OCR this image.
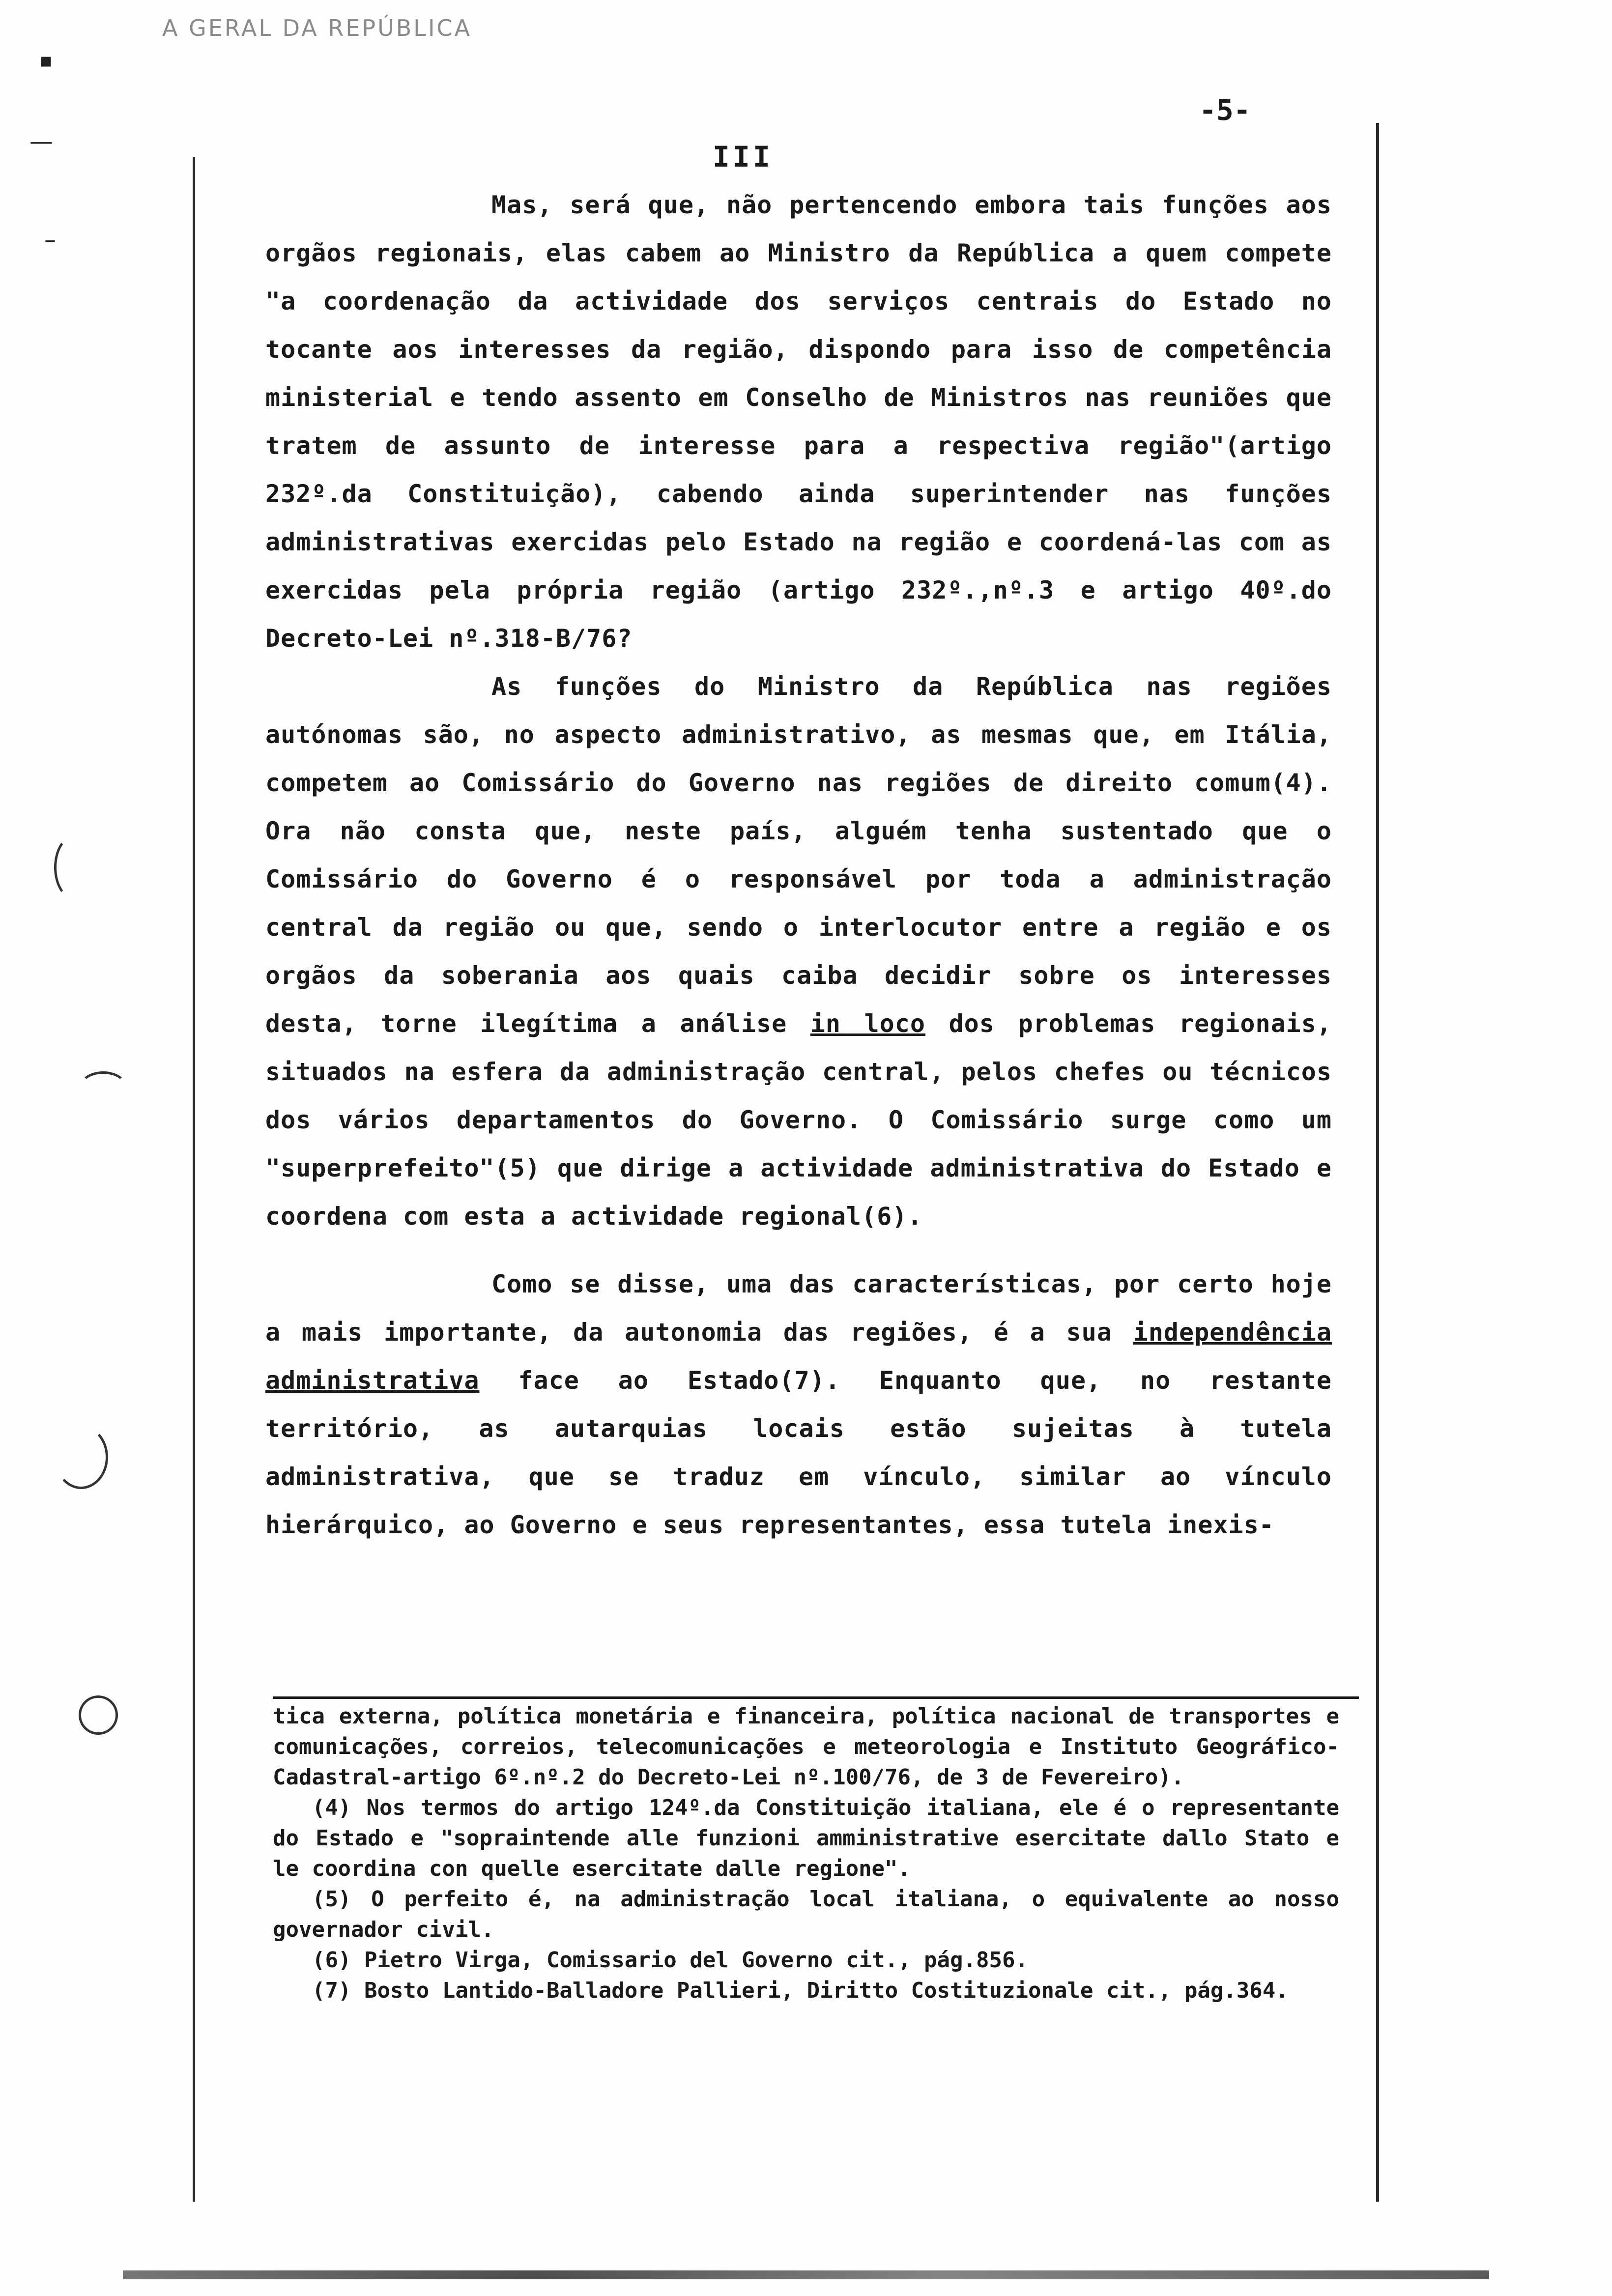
A GERAL DA REPÚBLICA
-5-
▪
—
–
III

Mas, será que, não pertencendo embora tais funções aos orgãos regionais, elas cabem ao Ministro da República a quem compete "a coordenação da actividade dos serviços centrais do Estado no tocante aos interesses da região, dispondo para isso de competência ministerial e tendo assento em Conselho de Ministros nas reuniões que tratem de assunto de interesse para a respectiva região"(artigo 232º.da Constituição), cabendo ainda superintender nas funções administrativas exercidas pelo Estado na região e coordená-las com as exercidas pela própria região (artigo 232º.,nº.3 e artigo 40º.do Decreto-Lei nº.318-B/76?

As funções do Ministro da República nas regiões autónomas são, no aspecto administrativo, as mesmas que, em Itália, competem ao Comissário do Governo nas regiões de direito comum(4). Ora não consta que, neste país, alguém tenha sustentado que o Comissário do Governo é o responsável por toda a administração central da região ou que, sendo o interlocutor entre a região e os orgãos da soberania aos quais caiba decidir sobre os interesses desta, torne ilegítima a análise in loco dos problemas regionais, situados na esfera da administração central, pelos chefes ou técnicos dos vários departamentos do Governo. O Comissário surge como um "superprefeito"(5) que dirige a actividade administrativa do Estado e coordena com esta a actividade regional(6).

Como se disse, uma das características, por certo hoje a mais importante, da autonomia das regiões, é a sua independência administrativa face ao Estado(7). Enquanto que, no restante território, as autarquias locais estão sujeitas à tutela administrativa, que se traduz em vínculo, similar ao vínculo hierárquico, ao Governo e seus representantes, essa tutela inexis-

tica externa, política monetária e financeira, política nacional de transportes e comunicações, correios, telecomunicações e meteorologia e Instituto Geográfico-Cadastral-artigo 6º.nº.2 do Decreto-Lei nº.100/76, de 3 de Fevereiro).

(4) Nos termos do artigo 124º.da Constituição italiana, ele é o representante do Estado e "sopraintende alle funzioni amministrative esercitate dallo Stato e le coordina con quelle esercitate dalle regione".

(5) O perfeito é, na administração local italiana, o equivalente ao nosso governador civil.

(6) Pietro Virga, Comissario del Governo cit., pág.856.

(7) Bosto Lantido-Balladore Pallieri, Diritto Costituzionale cit., pág.364.
